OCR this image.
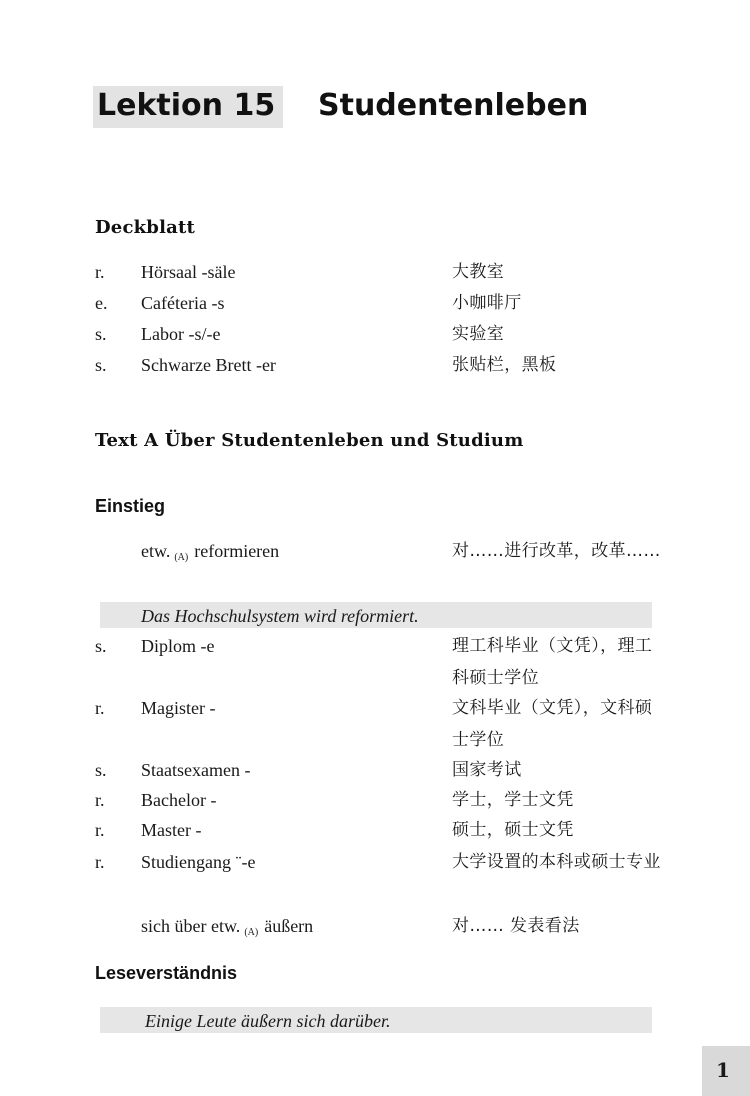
Lektion 15 Studentenleben
Deckblatt
r. Hörsaal -säle	大教室
e. Caféteria -s	小咖啡厅
s. Labor -s/-e	实验室
s. Schwarze Brett -er	张贴栏，黑板
Text A Über Studentenleben und Studium
Einstieg
etw. $_{(A)}$ reformieren	对……进行改革，改革……
Das Hochschulsystem wird reformiert.
s. Diplom -e	理工科毕业（文凭），理工科硕士学位
r. Magister -	文科毕业（文凭），文科硕士学位
s. Staatsexamen -	国家考试
r. Bachelor -	学士，学士文凭
r. Master -	硕士，硕士文凭
r. Studiengang ¨-e	大学设置的本科或硕士专业
sich über etw. $_{(A)}$ äußern	对…… 发表看法
Leseverständnis
Einige Leute äußern sich darüber.
1
